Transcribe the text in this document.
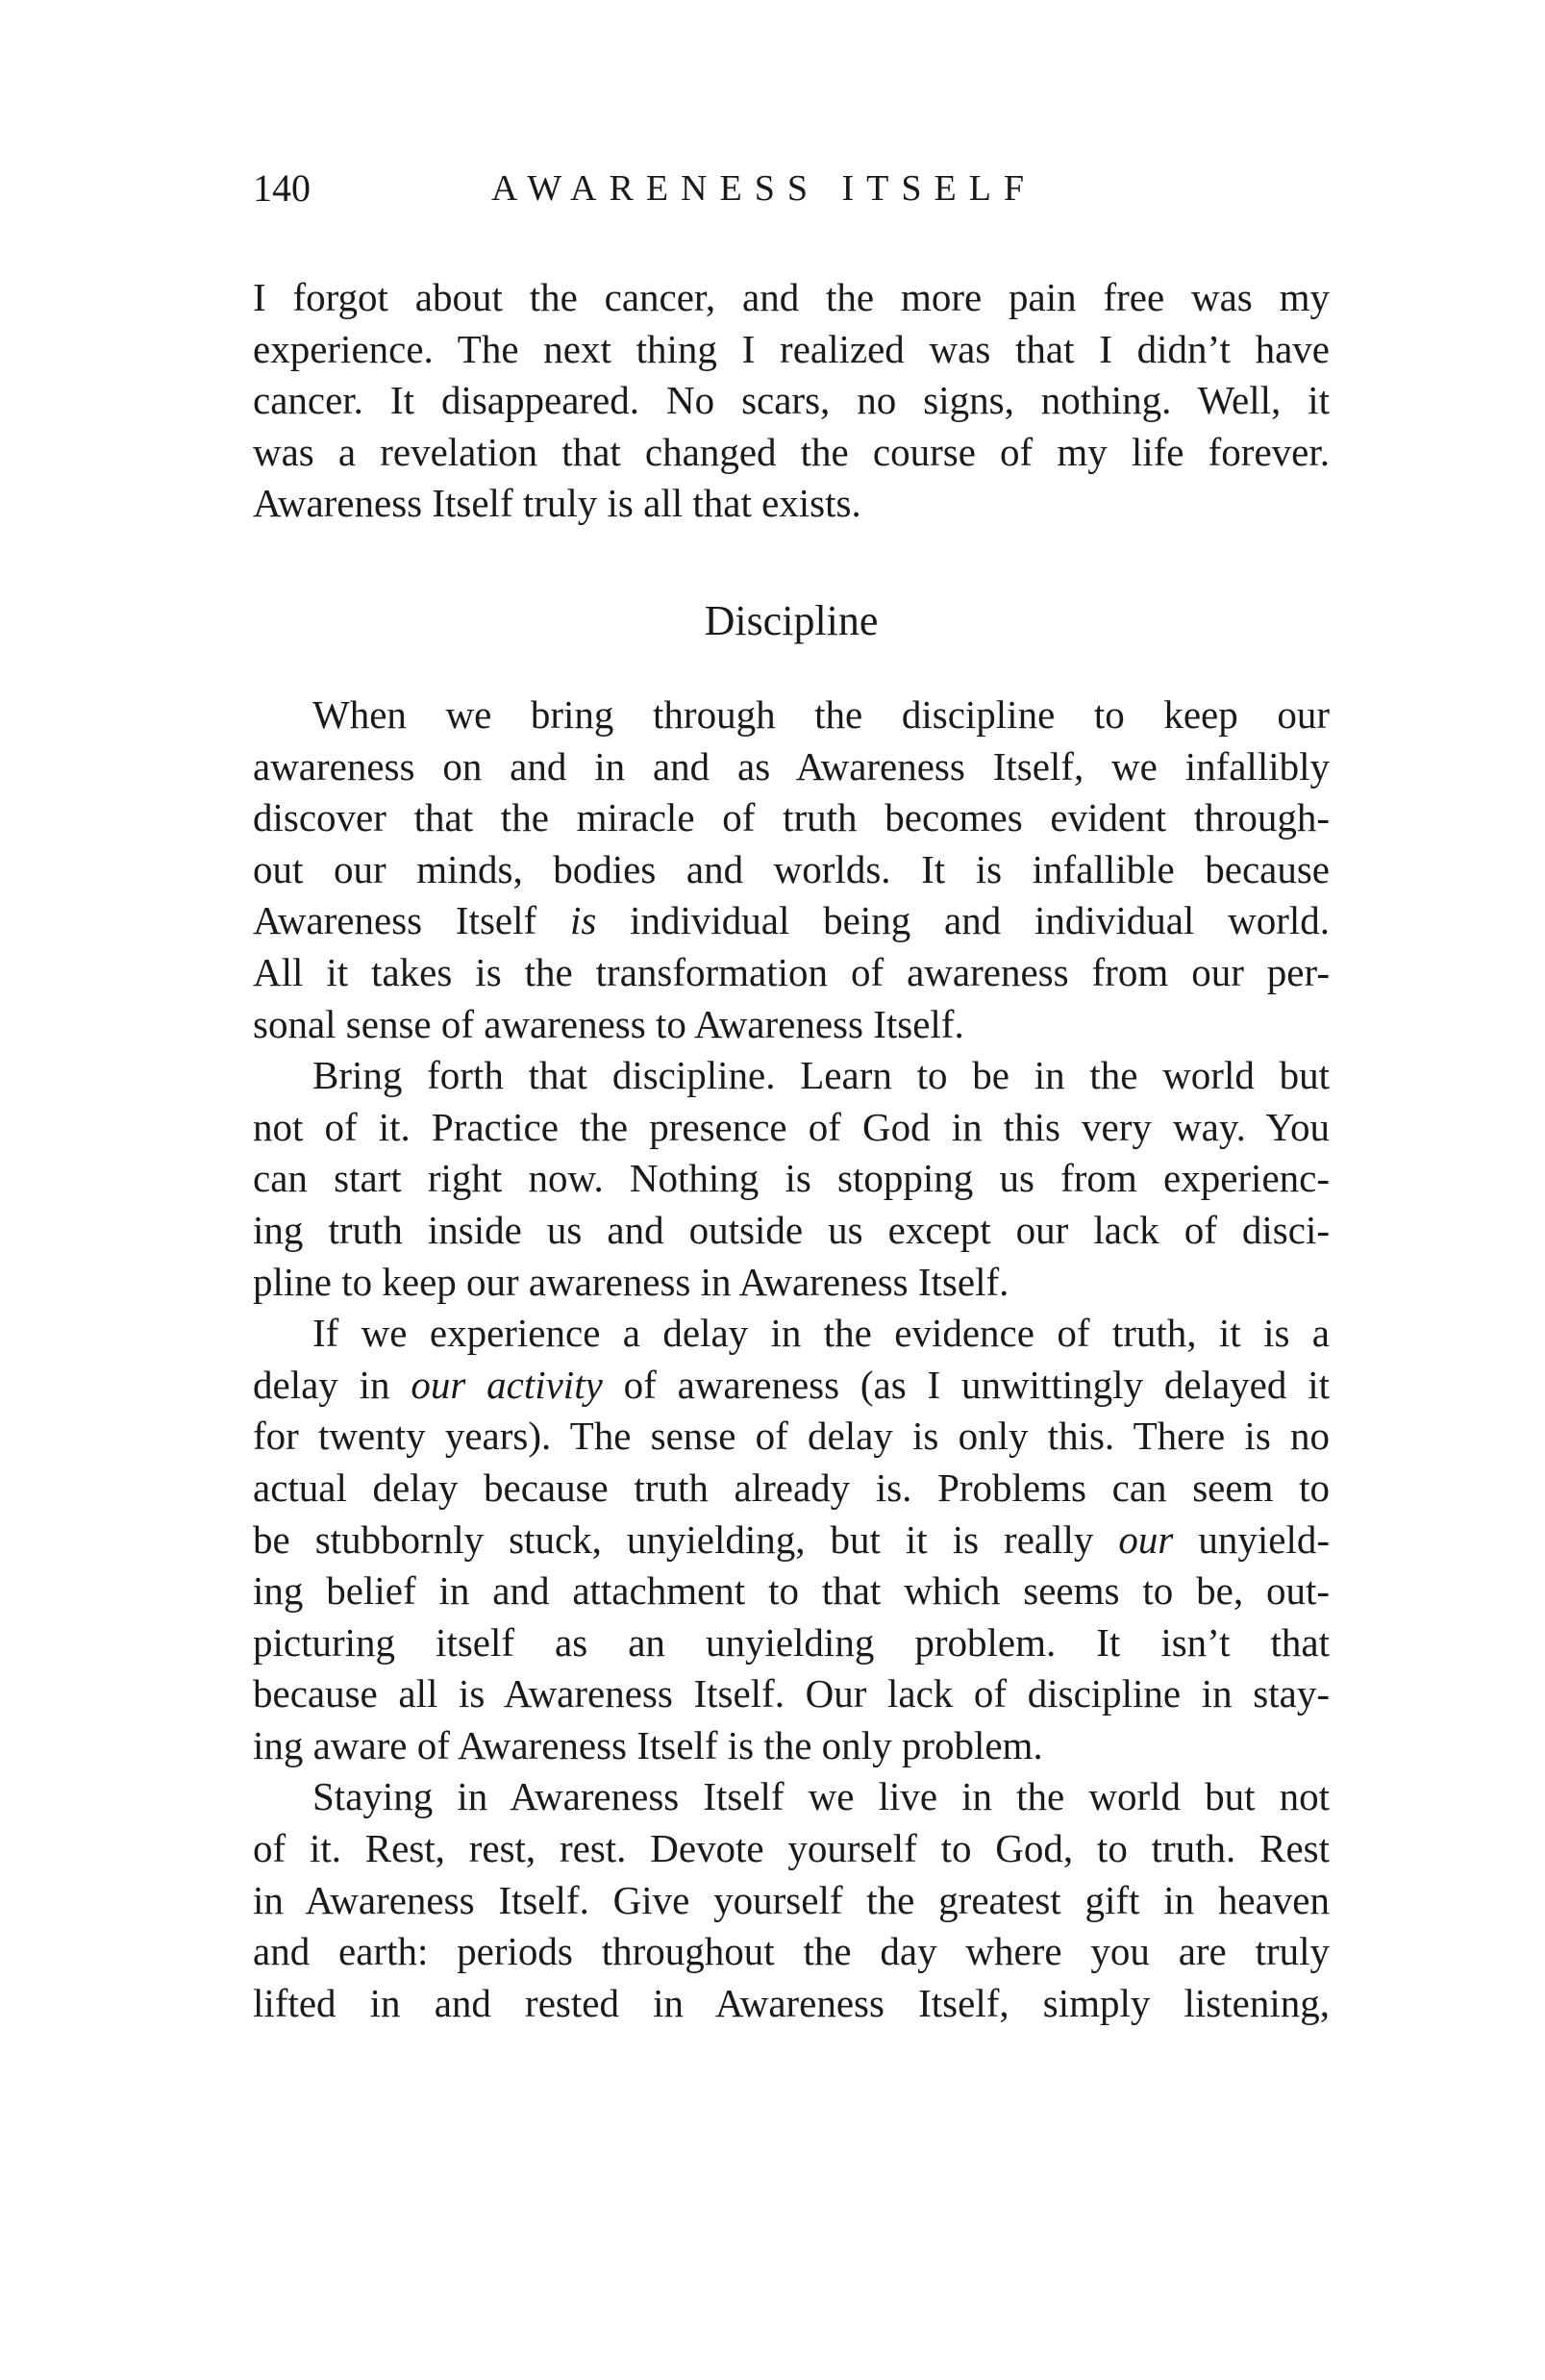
140	AWARENESS ITSELF
I forgot about the cancer, and the more pain free was my
experience. The next thing I realized was that I didn’t have
cancer. It disappeared. No scars, no signs, nothing. Well, it
was a revelation that changed the course of my life forever.
Awareness Itself truly is all that exists.
Discipline
When we bring through the discipline to keep our
awareness on and in and as Awareness Itself, we infallibly
discover that the miracle of truth becomes evident through-
out our minds, bodies and worlds. It is infallible because
Awareness Itself is individual being and individual world.
All it takes is the transformation of awareness from our per-
sonal sense of awareness to Awareness Itself.
Bring forth that discipline. Learn to be in the world but
not of it. Practice the presence of God in this very way. You
can start right now. Nothing is stopping us from experienc-
ing truth inside us and outside us except our lack of disci-
pline to keep our awareness in Awareness Itself.
If we experience a delay in the evidence of truth, it is a
delay in our activity of awareness (as I unwittingly delayed it
for twenty years). The sense of delay is only this. There is no
actual delay because truth already is. Problems can seem to
be stubbornly stuck, unyielding, but it is really our unyield-
ing belief in and attachment to that which seems to be, out-
picturing itself as an unyielding problem. It isn’t that
because all is Awareness Itself. Our lack of discipline in stay-
ing aware of Awareness Itself is the only problem.
Staying in Awareness Itself we live in the world but not
of it. Rest, rest, rest. Devote yourself to God, to truth. Rest
in Awareness Itself. Give yourself the greatest gift in heaven
and earth: periods throughout the day where you are truly
lifted in and rested in Awareness Itself, simply listening,
